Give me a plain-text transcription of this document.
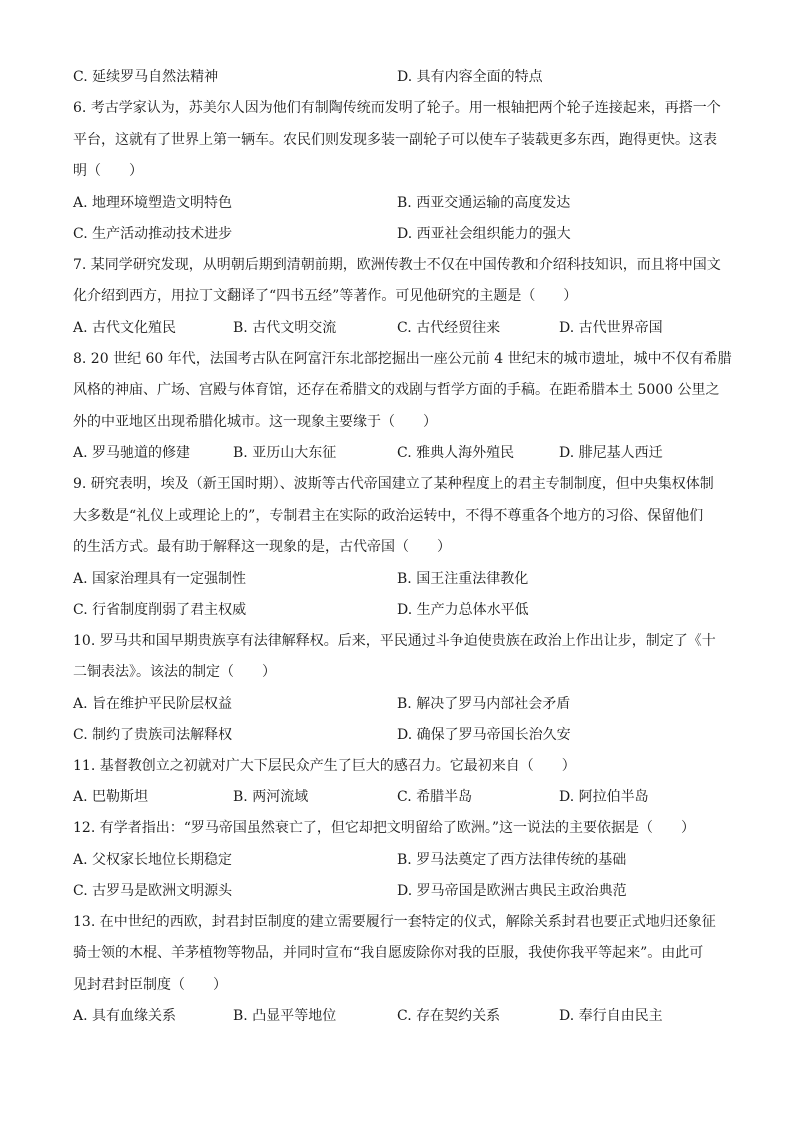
C. 延续罗马自然法精神	D. 具有内容全面的特点
6. 考古学家认为，苏美尔人因为他们有制陶传统而发明了轮子。用一根轴把两个轮子连接起来，再搭一个
平台，这就有了世界上第一辆车。农民们则发现多装一副轮子可以使车子装载更多东西，跑得更快。这表
明（　　）
A. 地理环境塑造文明特色	B. 西亚交通运输的高度发达
C. 生产活动推动技术进步	D. 西亚社会组织能力的强大
7. 某同学研究发现，从明朝后期到清朝前期，欧洲传教士不仅在中国传教和介绍科技知识，而且将中国文
化介绍到西方，用拉丁文翻译了“四书五经”等著作。可见他研究的主题是（　　）
A. 古代文化殖民	B. 古代文明交流	C. 古代经贸往来	D. 古代世界帝国
8. 20 世纪 60 年代，法国考古队在阿富汗东北部挖掘出一座公元前 4 世纪末的城市遗址，城中不仅有希腊
风格的神庙、广场、宫殿与体育馆，还存在希腊文的戏剧与哲学方面的手稿。在距希腊本土 5000 公里之
外的中亚地区出现希腊化城市。这一现象主要缘于（　　）
A. 罗马驰道的修建	B. 亚历山大东征	C. 雅典人海外殖民	D. 腓尼基人西迁
9. 研究表明，埃及（新王国时期）、波斯等古代帝国建立了某种程度上的君主专制制度，但中央集权体制
大多数是“礼仪上或理论上的”，专制君主在实际的政治运转中，不得不尊重各个地方的习俗、保留他们
的生活方式。最有助于解释这一现象的是，古代帝国（　　）
A. 国家治理具有一定强制性	B. 国王注重法律教化
C. 行省制度削弱了君主权威	D. 生产力总体水平低
10. 罗马共和国早期贵族享有法律解释权。后来，平民通过斗争迫使贵族在政治上作出让步，制定了《十
二铜表法》。该法的制定（　　）
A. 旨在维护平民阶层权益	B. 解决了罗马内部社会矛盾
C. 制约了贵族司法解释权	D. 确保了罗马帝国长治久安
11. 基督教创立之初就对广大下层民众产生了巨大的感召力。它最初来自（　　）
A. 巴勒斯坦	B. 两河流域	C. 希腊半岛	D. 阿拉伯半岛
12. 有学者指出：“罗马帝国虽然衰亡了，但它却把文明留给了欧洲。”这一说法的主要依据是（　　）
A. 父权家长地位长期稳定	B. 罗马法奠定了西方法律传统的基础
C. 古罗马是欧洲文明源头	D. 罗马帝国是欧洲古典民主政治典范
13. 在中世纪的西欧，封君封臣制度的建立需要履行一套特定的仪式，解除关系封君也要正式地归还象征
骑士领的木棍、羊茅植物等物品，并同时宣布“我自愿废除你对我的臣服，我使你我平等起来”。由此可
见封君封臣制度（　　）
A. 具有血缘关系	B. 凸显平等地位	C. 存在契约关系	D. 奉行自由民主
